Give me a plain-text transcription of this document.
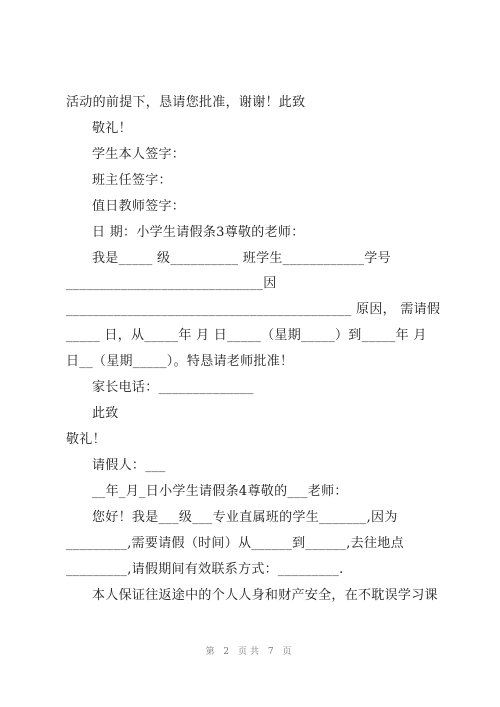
活动的前提下，恳请您批准，谢谢！此致
敬礼！
学生本人签字：
班主任签字：
值日教师签字：
日 期：小学生请假条3尊敬的老师：
我是_____ 级__________ 班学生____________学号
_____________________________因
__________________________________________ 原因， 需请假
_____ 日，从_____年 月 日_____（星期_____）到_____年 月
日__（星期_____）。特恳请老师批准！
家长电话：______________
此致
敬礼！
请假人：___
__年_月_日小学生请假条4尊敬的___老师：
您好！我是___级___专业直属班的学生_______,因为
_________,需要请假（时间）从______到______,去往地点
_________,请假期间有效联系方式：_________.
本人保证往返途中的个人人身和财产安全，在不耽误学习课
第 2 页共 7 页
